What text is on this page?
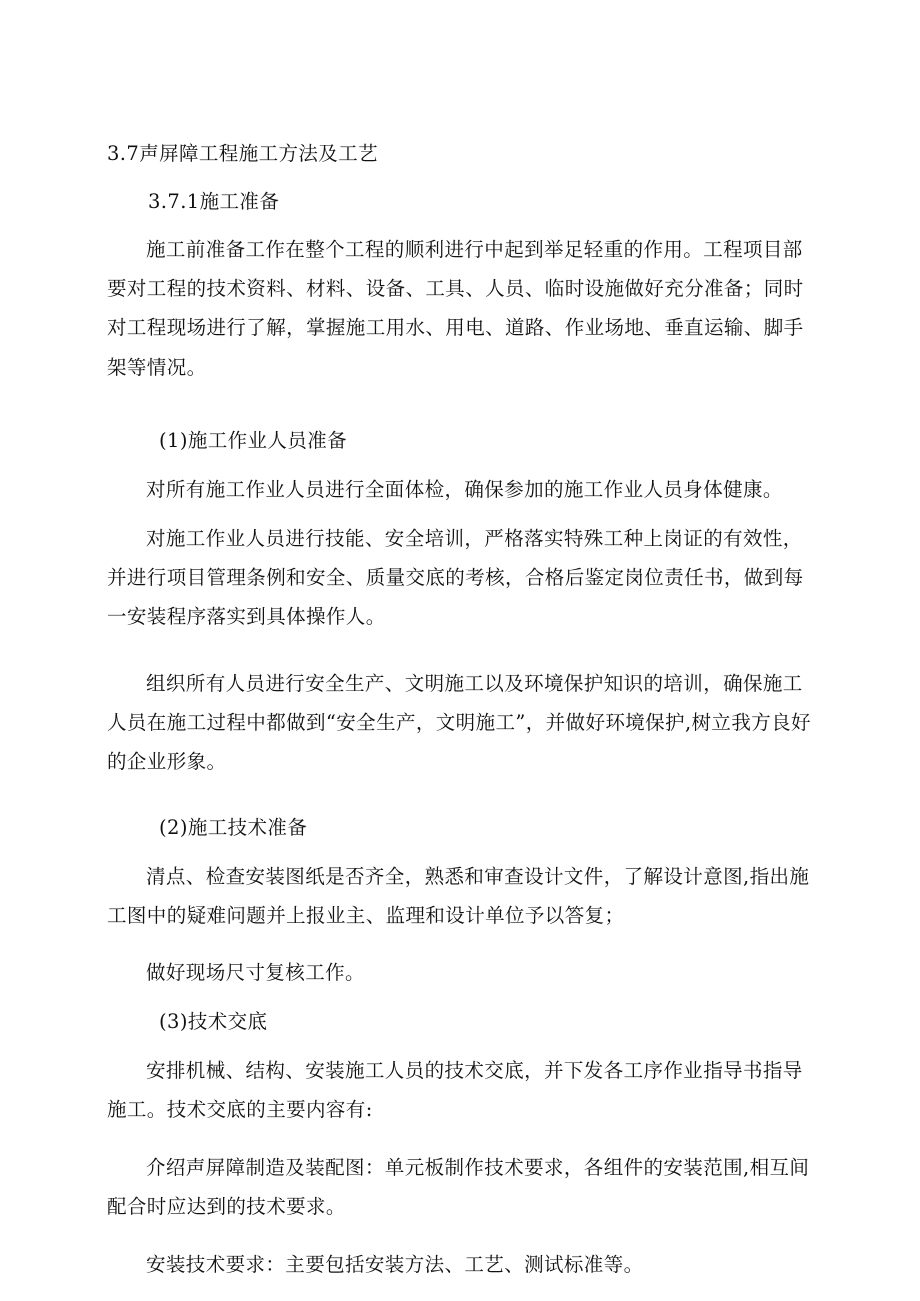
3.7声屏障工程施工方法及工艺

3.7.1施工准备

施工前准备工作在整个工程的顺利进行中起到举足轻重的作用。工程项目部要对工程的技术资料、材料、设备、工具、人员、临时设施做好充分准备；同时对工程现场进行了解，掌握施工用水、用电、道路、作业场地、垂直运输、脚手架等情况。

(1)施工作业人员准备

对所有施工作业人员进行全面体检，确保参加的施工作业人员身体健康。

对施工作业人员进行技能、安全培训，严格落实特殊工种上岗证的有效性，并进行项目管理条例和安全、质量交底的考核，合格后鉴定岗位责任书，做到每一安装程序落实到具体操作人。

组织所有人员进行安全生产、文明施工以及环境保护知识的培训，确保施工人员在施工过程中都做到“安全生产，文明施工”，并做好环境保护,树立我方良好的企业形象。

(2)施工技术准备

清点、检查安装图纸是否齐全，熟悉和审查设计文件，了解设计意图,指出施工图中的疑难问题并上报业主、监理和设计单位予以答复；

做好现场尺寸复核工作。

(3)技术交底

安排机械、结构、安装施工人员的技术交底，并下发各工序作业指导书指导施工。技术交底的主要内容有:

介绍声屏障制造及装配图：单元板制作技术要求，各组件的安装范围,相互间配合时应达到的技术要求。

安装技术要求：主要包括安装方法、工艺、测试标准等。
